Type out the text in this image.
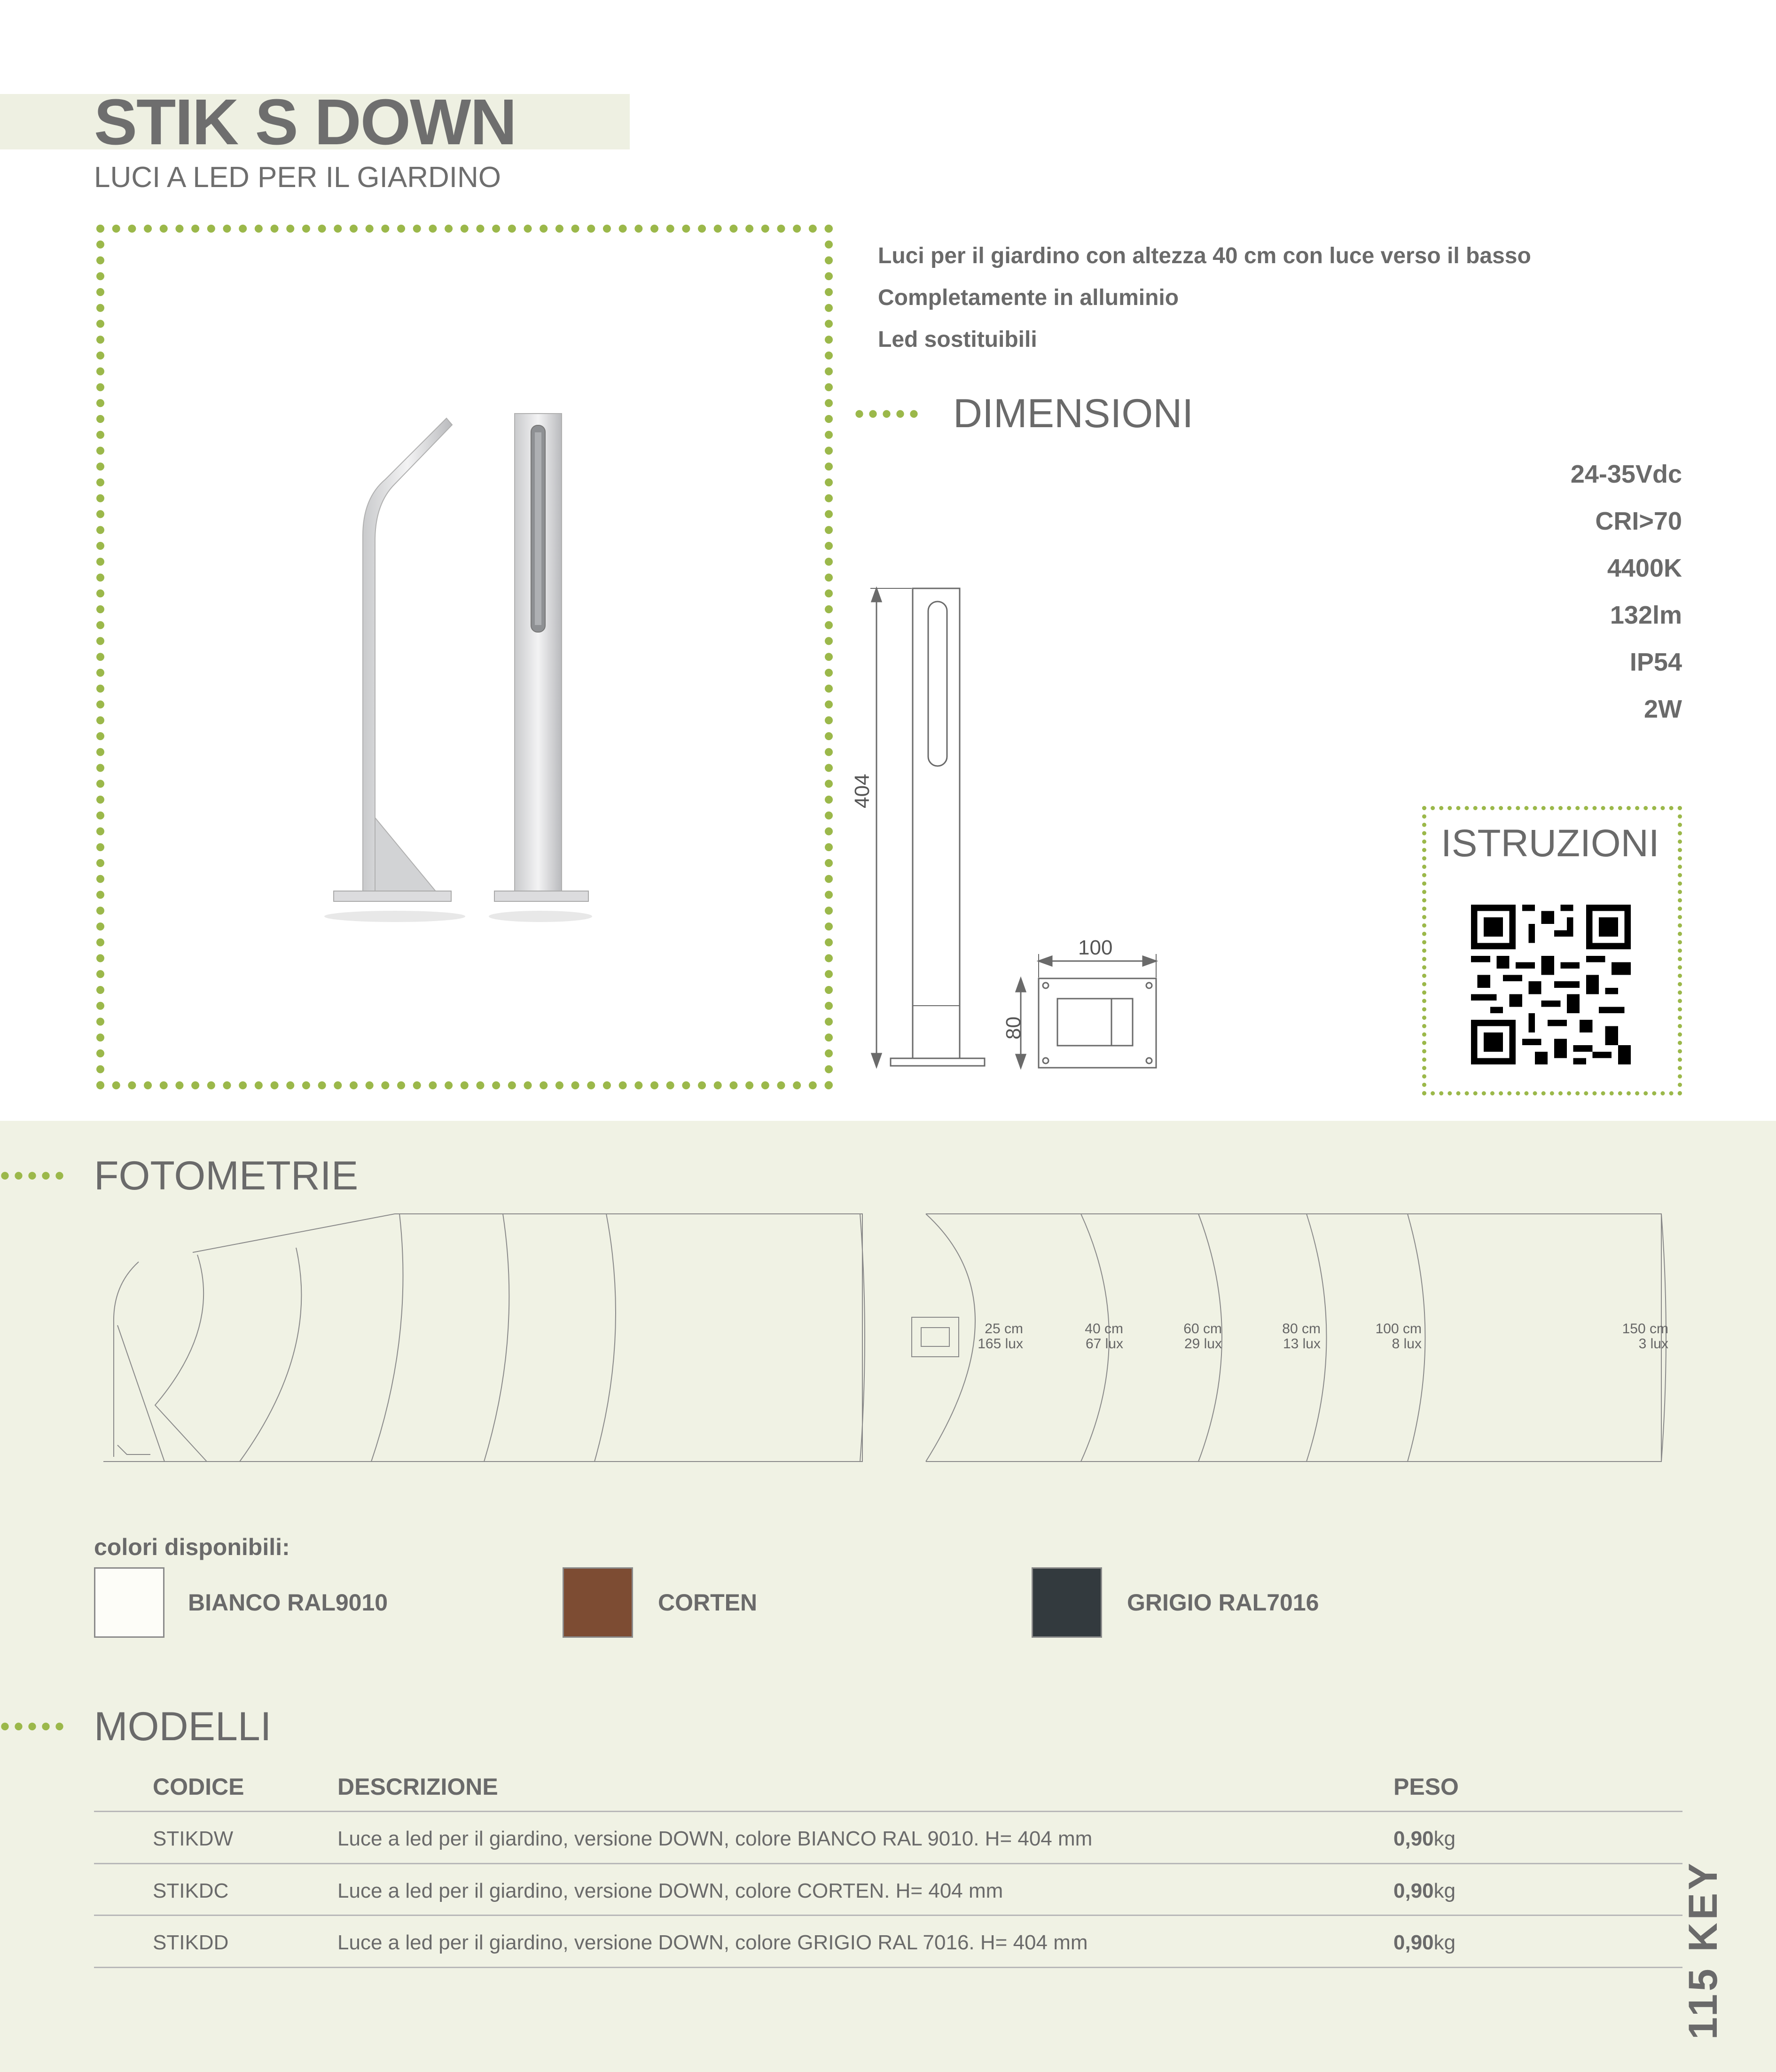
STIK S DOWN
LUCI A LED PER IL GIARDINO
Luci per il giardino con altezza 40 cm con luce verso il basso
Completamente in alluminio
Led sostituibili
••••• DIMENSIONI
404
100
80
24-35Vdc
CRI>70
4400K
132lm
IP54
2W
ISTRUZIONI
••••• FOTOMETRIE
25 cm
165 lux
40 cm
67 lux
60 cm
29 lux
80 cm
13 lux
100 cm
8 lux
150 cm
3 lux
colori disponibili:
BIANCO RAL9010	CORTEN	GRIGIO RAL7016
••••• MODELLI
CODICE	DESCRIZIONE	PESO
STIKDW	Luce a led per il giardino, versione DOWN, colore BIANCO RAL 9010. H= 404 mm	0,90kg
STIKDC	Luce a led per il giardino, versione DOWN, colore CORTEN. H= 404 mm	0,90kg
STIKDD	Luce a led per il giardino, versione DOWN, colore GRIGIO RAL 7016. H= 404 mm	0,90kg	115 KEY
